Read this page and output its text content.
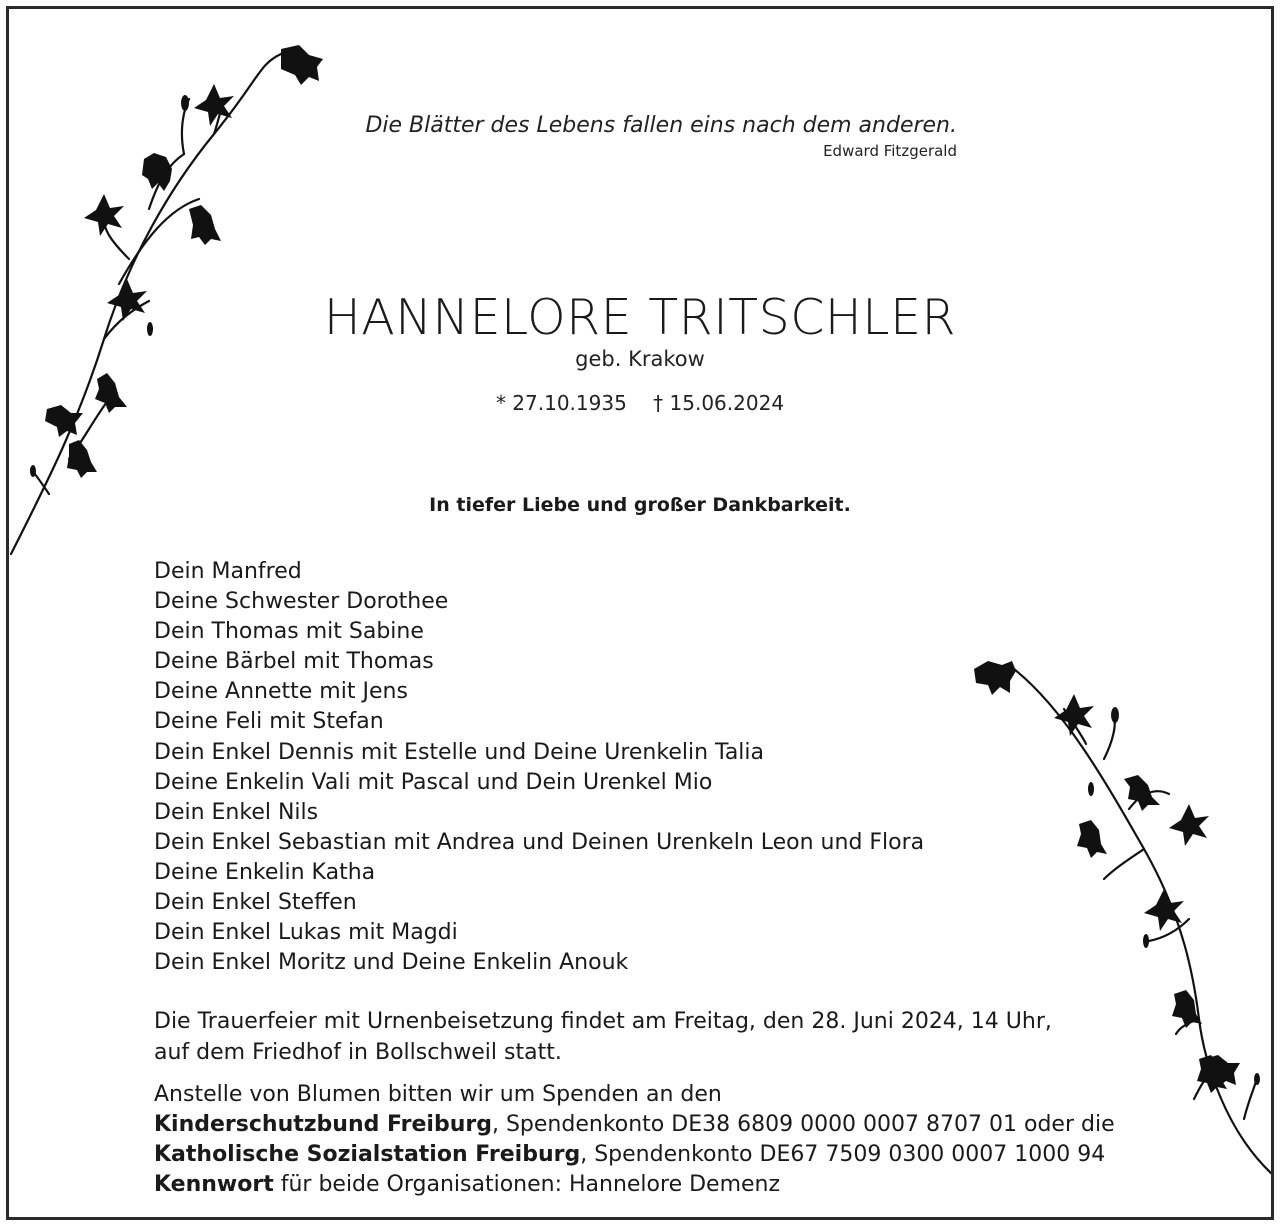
Die Blätter des Lebens fallen eins nach dem anderen.
Edward Fitzgerald
HANNELORE TRITSCHLER
geb. Krakow
* 27.10.1935 † 15.06.2024
In tiefer Liebe und großer Dankbarkeit.
Dein Manfred
Deine Schwester Dorothee
Dein Thomas mit Sabine
Deine Bärbel mit Thomas
Deine Annette mit Jens
Deine Feli mit Stefan
Dein Enkel Dennis mit Estelle und Deine Urenkelin Talia
Deine Enkelin Vali mit Pascal und Dein Urenkel Mio
Dein Enkel Nils
Dein Enkel Sebastian mit Andrea und Deinen Urenkeln Leon und Flora
Deine Enkelin Katha
Dein Enkel Steffen
Dein Enkel Lukas mit Magdi
Dein Enkel Moritz und Deine Enkelin Anouk
Die Trauerfeier mit Urnenbeisetzung findet am Freitag, den 28. Juni 2024, 14 Uhr,
auf dem Friedhof in Bollschweil statt.
Anstelle von Blumen bitten wir um Spenden an den
Kinderschutzbund Freiburg, Spendenkonto DE38 6809 0000 0007 8707 01 oder die
Katholische Sozialstation Freiburg, Spendenkonto DE67 7509 0300 0007 1000 94
Kennwort für beide Organisationen: Hannelore Demenz
